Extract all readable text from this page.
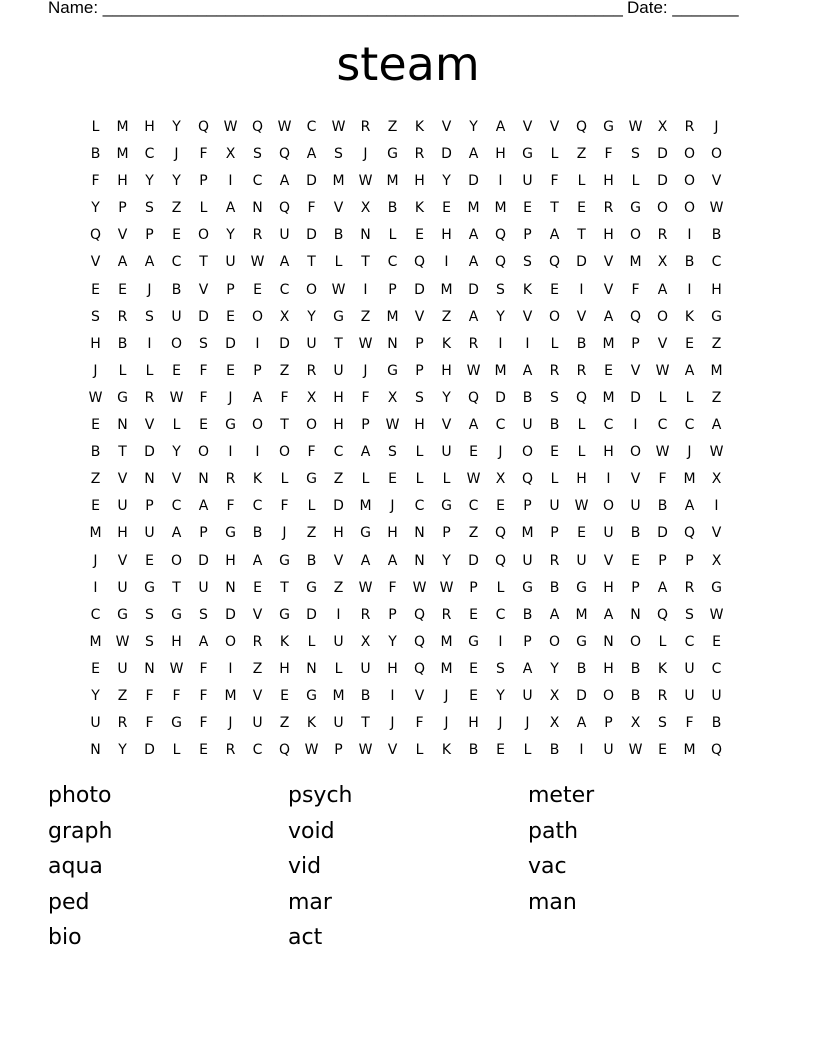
Name: _______________________________________________________ Date: _______
steam
L	M	H	Y	Q	W	Q	W	C	W	R	Z	K	V	Y	A	V	V	Q	G	W	X	R	J
B	M	C	J	F	X	S	Q	A	S	J	G	R	D	A	H	G	L	Z	F	S	D	O	O
F	H	Y	Y	P	I	C	A	D	M	W	M	H	Y	D	I	U	F	L	H	L	D	O	V
Y	P	S	Z	L	A	N	Q	F	V	X	B	K	E	M	M	E	T	E	R	G	O	O	W
Q	V	P	E	O	Y	R	U	D	B	N	L	E	H	A	Q	P	A	T	H	O	R	I	B
V	A	A	C	T	U	W	A	T	L	T	C	Q	I	A	Q	S	Q	D	V	M	X	B	C
E	E	J	B	V	P	E	C	O	W	I	P	D	M	D	S	K	E	I	V	F	A	I	H
S	R	S	U	D	E	O	X	Y	G	Z	M	V	Z	A	Y	V	O	V	A	Q	O	K	G
H	B	I	O	S	D	I	D	U	T	W	N	P	K	R	I	I	L	B	M	P	V	E	Z
J	L	L	E	F	E	P	Z	R	U	J	G	P	H	W	M	A	R	R	E	V	W	A	M
W	G	R	W	F	J	A	F	X	H	F	X	S	Y	Q	D	B	S	Q	M	D	L	L	Z
E	N	V	L	E	G	O	T	O	H	P	W	H	V	A	C	U	B	L	C	I	C	C	A
B	T	D	Y	O	I	I	O	F	C	A	S	L	U	E	J	O	E	L	H	O	W	J	W
Z	V	N	V	N	R	K	L	G	Z	L	E	L	L	W	X	Q	L	H	I	V	F	M	X
E	U	P	C	A	F	C	F	L	D	M	J	C	G	C	E	P	U	W	O	U	B	A	I
M	H	U	A	P	G	B	J	Z	H	G	H	N	P	Z	Q	M	P	E	U	B	D	Q	V
J	V	E	O	D	H	A	G	B	V	A	A	N	Y	D	Q	U	R	U	V	E	P	P	X
I	U	G	T	U	N	E	T	G	Z	W	F	W W	P	L	G	B	G	H	P	A	R	G
C	G	S	G	S	D	V	G	D	I	R	P	Q	R	E	C	B	A	M	A	N	Q	S	W
M	W	S	H	A	O	R	K	L	U	X	Y	Q	M	G	I	P	O	G	N	O	L	C	E
E	U	N	W	F	I	Z	H	N	L	U	H	Q	M	E	S	A	Y	B	H	B	K	U	C
Y	Z	F	F	F	M	V	E	G	M	B	I	V	J	E	Y	U	X	D	O	B	R	U	U
U	R	F	G	F	J	U	Z	K	U	T	J	F	J	H	J	J	X	A	P	X	S	F	B
N	Y	D	L	E	R	C	Q	W	P	W	V	L	K	B	E	L	B	I	U	W	E	M	Q
photo	psych	meter
graph	void	path
aqua	vid	vac
ped	mar	man
bio	act
